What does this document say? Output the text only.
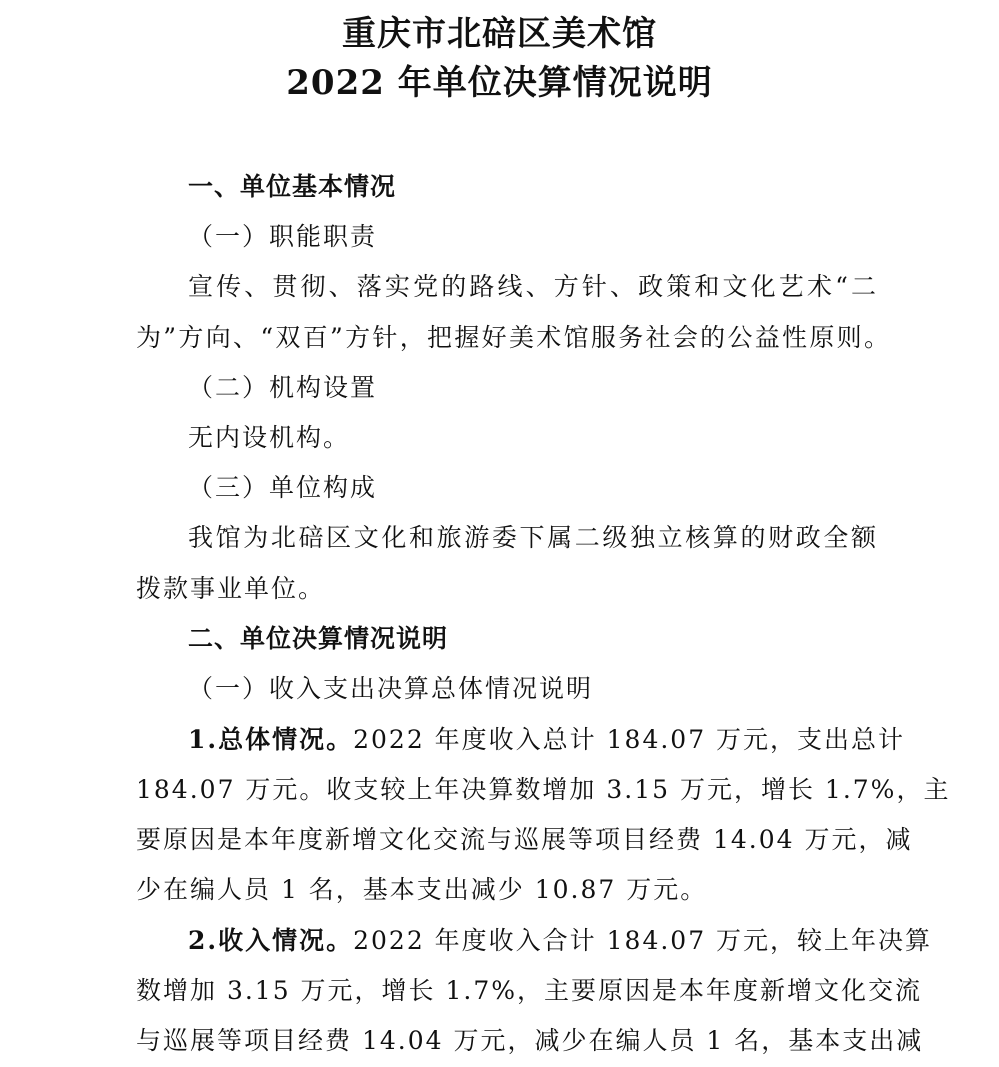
重庆市北碚区美术馆
2022 年单位决算情况说明
一、单位基本情况
（一）职能职责
宣传、贯彻、落实党的路线、方针、政策和文化艺术“二
为”方向、“双百”方针，把握好美术馆服务社会的公益性原则。
（二）机构设置
无内设机构。
（三）单位构成
我馆为北碚区文化和旅游委下属二级独立核算的财政全额
拨款事业单位。
二、单位决算情况说明
（一）收入支出决算总体情况说明
1.总体情况。2022 年度收入总计 184.07 万元，支出总计
184.07 万元。收支较上年决算数增加 3.15 万元，增长 1.7%，主
要原因是本年度新增文化交流与巡展等项目经费 14.04 万元，减
少在编人员 1 名，基本支出减少 10.87 万元。
2.收入情况。2022 年度收入合计 184.07 万元，较上年决算
数增加 3.15 万元，增长 1.7%，主要原因是本年度新增文化交流
与巡展等项目经费 14.04 万元，减少在编人员 1 名，基本支出减
